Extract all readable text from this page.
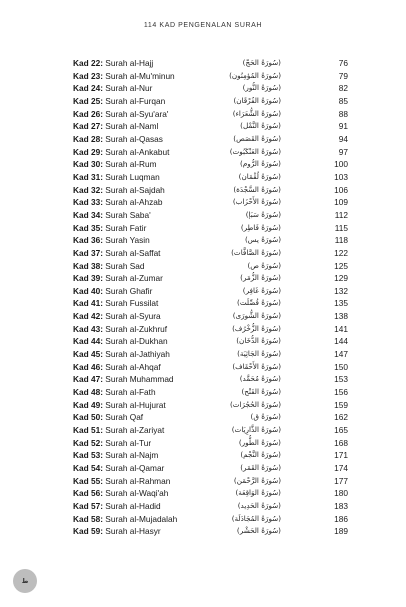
114 KAD PENGENALAN SURAH
Kad 22: Surah al-Hajj	(سُورَةُ الحَجّ)	76
Kad 23: Surah al-Mu'minun	(سُورَةُ المُؤمِنُون)	79
Kad 24: Surah al-Nur	(سُورَةُ النُّور)	82
Kad 25: Surah al-Furqan	(سُورَةُ الفُرْقَان)	85
Kad 26: Surah al-Syu'ara'	(سُورَةُ الشُّعَرَاء)	88
Kad 27: Surah al-Naml	(سُورَةُ النَّمْل)	91
Kad 28: Surah al-Qasas	(سُورَةُ القَصَص)	94
Kad 29: Surah al-Ankabut	(سُورَةُ العَنْكَبُوت)	97
Kad 30: Surah al-Rum	(سُورَةُ الرُّوم)	100
Kad 31: Surah Luqman	(سُورَةُ لُقْمَان)	103
Kad 32: Surah al-Sajdah	(سُورَةُ السَّجْدَة)	106
Kad 33: Surah al-Ahzab	(سُورَةُ الأَحْزَاب)	109
Kad 34: Surah Saba'	(سُورَةُ سَبَإ)	112
Kad 35: Surah Fatir	(سُورَةُ فَاطِر)	115
Kad 36: Surah Yasin	(سُورَةُ يس)	118
Kad 37: Surah al-Saffat	(سُورَةُ الصَّافَّات)	122
Kad 38: Surah Sad	(سُورَةُ ص)	125
Kad 39: Surah al-Zumar	(سُورَةُ الزُّمَر)	129
Kad 40: Surah Ghafir	(سُورَةُ غَافِر)	132
Kad 41: Surah Fussilat	(سُورَةُ فُصِّلَت)	135
Kad 42: Surah al-Syura	(سُورَةُ الشُّورَى)	138
Kad 43: Surah al-Zukhruf	(سُورَةُ الزُّخْرُف)	141
Kad 44: Surah al-Dukhan	(سُورَةُ الدُّخَان)	144
Kad 45: Surah al-Jathiyah	(سُورَةُ الجَاثِيَة)	147
Kad 46: Surah al-Ahqaf	(سُورَةُ الأَحْقَاف)	150
Kad 47: Surah Muhammad	(سُورَةُ مُحَمَّد)	153
Kad 48: Surah al-Fath	(سُورَةُ الفَتْح)	156
Kad 49: Surah al-Hujurat	(سُورَةُ الحُجُرَات)	159
Kad 50: Surah Qaf	(سُورَةُ ق)	162
Kad 51: Surah al-Zariyat	(سُورَةُ الذَّارِيَات)	165
Kad 52: Surah al-Tur	(سُورَةُ الطُّور)	168
Kad 53: Surah al-Najm	(سُورَةُ النَّجْم)	171
Kad 54: Surah al-Qamar	(سُورَةُ القَمَر)	174
Kad 55: Surah al-Rahman	(سُورَةُ الرَّحْمَن)	177
Kad 56: Surah al-Waqi'ah	(سُورَةُ الوَاقِعَة)	180
Kad 57: Surah al-Hadid	(سُورَةُ الحَدِيد)	183
Kad 58: Surah al-Mujadalah	(سُورَةُ المُجَادَلَة)	186
Kad 59: Surah al-Hasyr	(سُورَةُ الحَشْر)	189
ط
